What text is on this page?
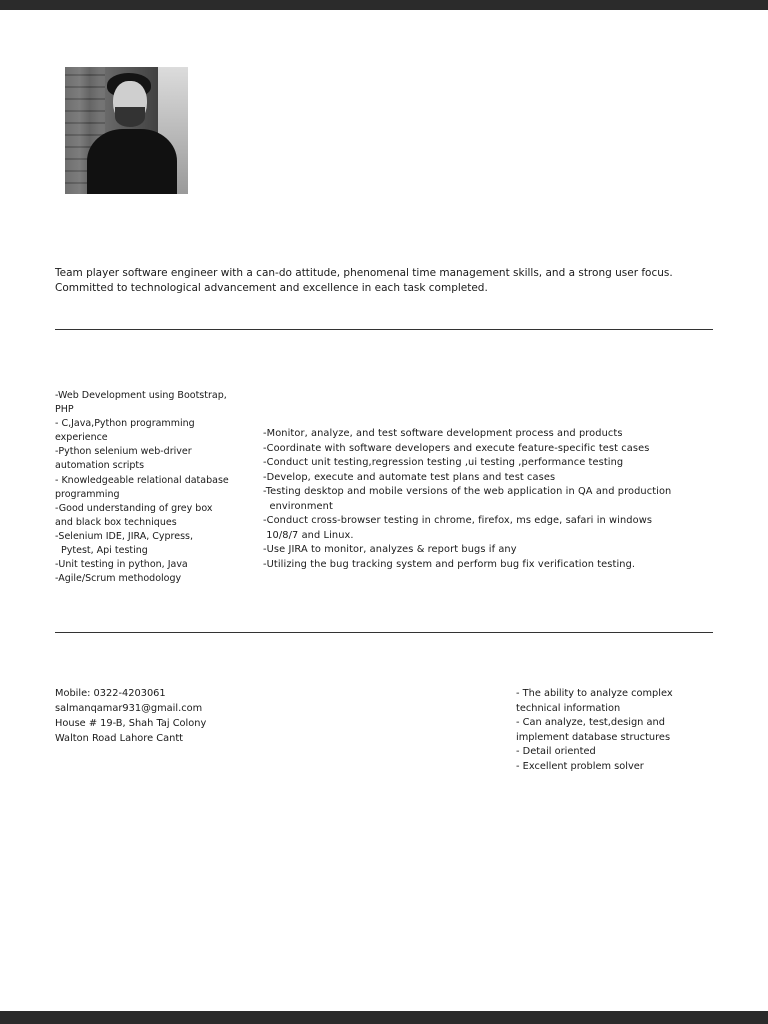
Team player software engineer with a can-do attitude, phenomenal time management skills, and a strong user focus.
Committed to technological advancement and excellence in each task completed.

-Web Development using Bootstrap, PHP
- C,Java,Python programming experience
-Python selenium web-driver automation scripts
- Knowledgeable relational database programming
-Good understanding of grey box and black box techniques
-Selenium IDE, JIRA, Cypress,
Pytest, Api testing
-Unit testing in python, Java
-Agile/Scrum methodology
-Monitor, analyze, and test software development process and products
-Coordinate with software developers and execute feature-specific test cases
-Conduct unit testing,regression testing ,ui testing ,performance testing
-Develop, execute and automate test plans and test cases
-Testing desktop and mobile versions of the web application in QA and production
environment
-Conduct cross-browser testing in chrome, firefox, ms edge, safari in windows
10/8/7 and Linux.
-Use JIRA to monitor, analyzes & report bugs if any
-Utilizing the bug tracking system and perform bug fix verification testing.
Mobile: 0322-4203061
salmanqamar931@gmail.com
House # 19-B, Shah Taj Colony
Walton Road Lahore Cantt
- The ability to analyze complex technical information
- Can analyze, test,design and implement database structures
- Detail oriented
- Excellent problem solver
